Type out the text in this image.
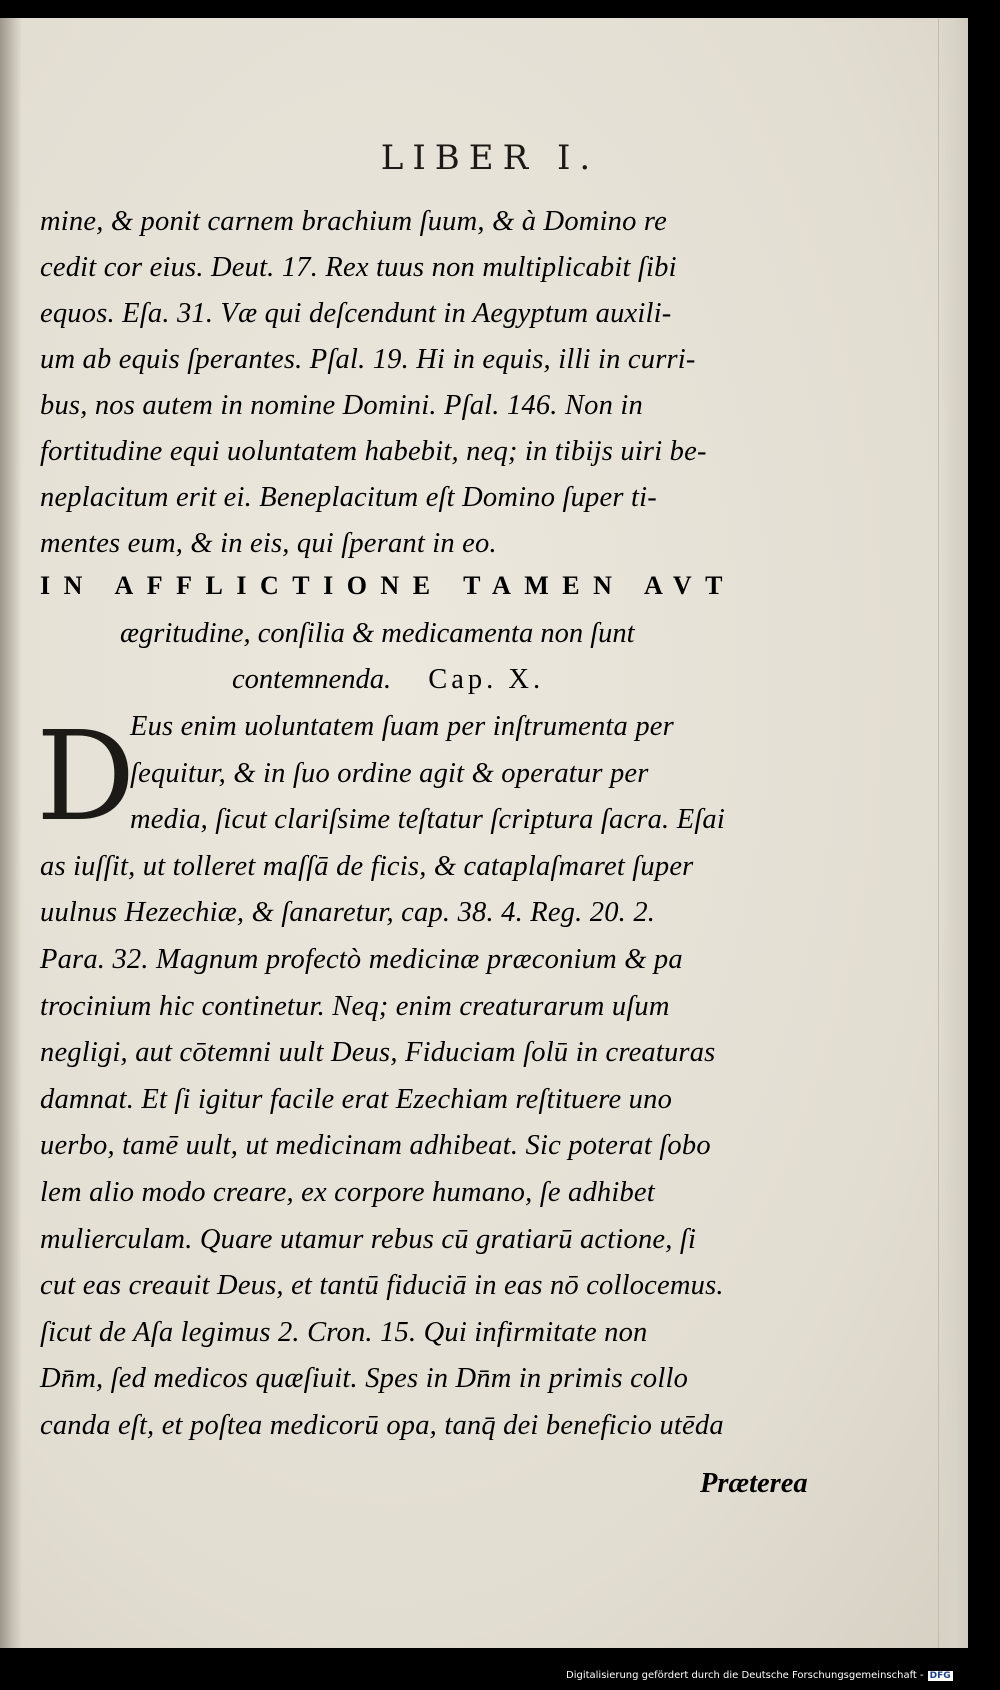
LIBER I.
mine, & ponit carnem brachium ſuum, & à Domino re
cedit cor eius. Deut. 17. Rex tuus non multiplicabit ſibi
equos. Eſa. 31. Væ qui deſcendunt in Aegyptum auxili-
um ab equis ſperantes. Pſal. 19. Hi in equis, illi in curri-
bus, nos autem in nomine Domini. Pſal. 146. Non in
fortitudine equi uoluntatem habebit, neq; in tibijs uiri be-
neplacitum erit ei. Beneplacitum eſt Domino ſuper ti-
mentes eum, & in eis, qui ſperant in eo.
IN AFFLICTIONE TAMEN AVT
ægritudine, conſilia & medicamenta non ſunt
contemnenda. Cap. X.
D
Eus enim uoluntatem ſuam per inſtrumenta per
ſequitur, & in ſuo ordine agit & operatur per
media, ſicut clariſsime teſtatur ſcriptura ſacra. Eſai
as iuſſit, ut tolleret maſſā de ficis, & cataplaſmaret ſuper
uulnus Hezechiæ, & ſanaretur, cap. 38. 4. Reg. 20. 2.
Para. 32. Magnum profectò medicinæ præconium & pa
trocinium hic continetur. Neq; enim creaturarum uſum
negligi, aut cōtemni uult Deus, Fiduciam ſolū in creaturas
damnat. Et ſi igitur facile erat Ezechiam reſtituere uno
uerbo, tamē uult, ut medicinam adhibeat. Sic poterat ſobo
lem alio modo creare, ex corpore humano, ſe adhibet
mulierculam. Quare utamur rebus cū gratiarū actione, ſi
cut eas creauit Deus, et tantū fiduciā in eas nō collocemus.
ſicut de Aſa legimus 2. Cron. 15. Qui infirmitate non
Dn̄m, ſed medicos quæſiuit. Spes in Dn̄m in primis collo
canda eſt, et poſtea medicorū opa, tanq̄ dei beneficio utēda
Præterea
Digitalisierung gefördert durch die Deutsche Forschungsgemeinschaft - DFG
